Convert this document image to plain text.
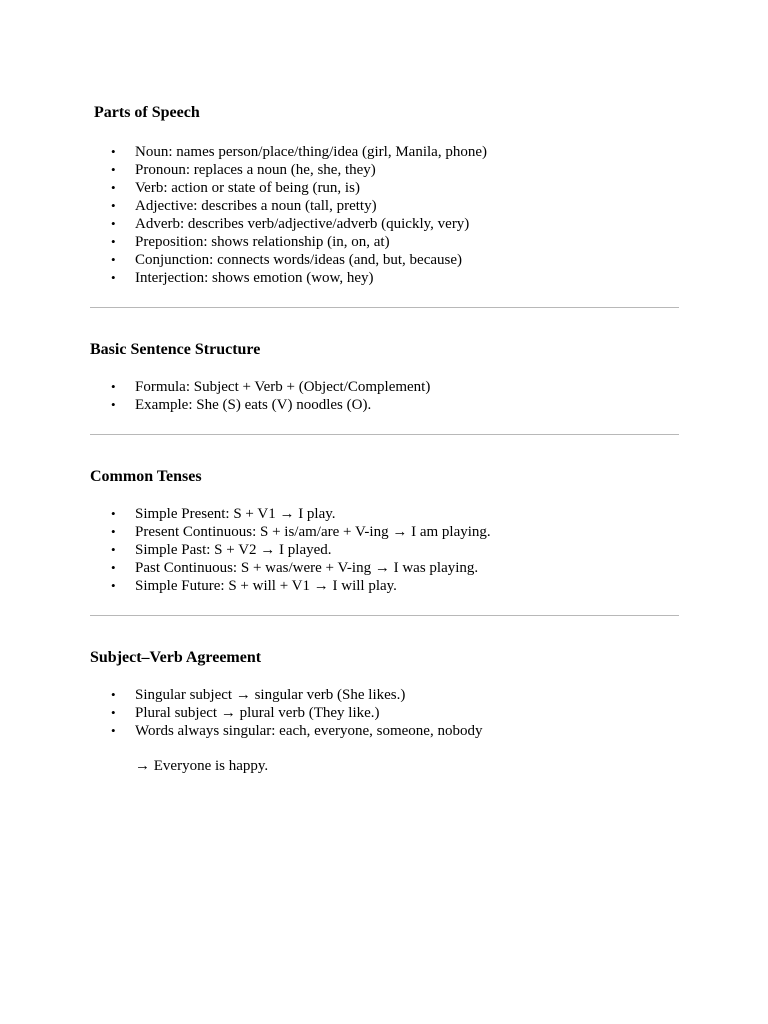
Parts of Speech
• Noun: names person/place/thing/idea (girl, Manila, phone)
• Pronoun: replaces a noun (he, she, they)
• Verb: action or state of being (run, is)
• Adjective: describes a noun (tall, pretty)
• Adverb: describes verb/adjective/adverb (quickly, very)
• Preposition: shows relationship (in, on, at)
• Conjunction: connects words/ideas (and, but, because)
• Interjection: shows emotion (wow, hey)
Basic Sentence Structure
• Formula: Subject + Verb + (Object/Complement)
• Example: She (S) eats (V) noodles (O).
Common Tenses
• Simple Present: S + V1 → I play.
• Present Continuous: S + is/am/are + V-ing → I am playing.
• Simple Past: S + V2 → I played.
• Past Continuous: S + was/were + V-ing → I was playing.
• Simple Future: S + will + V1 → I will play.
Subject–Verb Agreement
• Singular subject → singular verb (She likes.)
• Plural subject → plural verb (They like.)
• Words always singular: each, everyone, someone, nobody
→ Everyone is happy.
